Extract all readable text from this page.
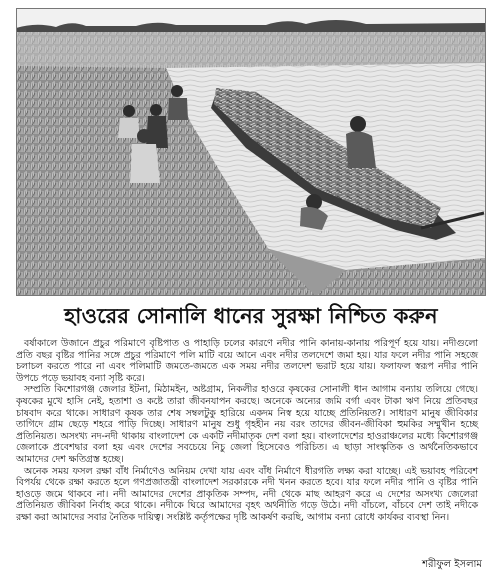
হাওরের সোনালি ধানের সুরক্ষা নিশ্চিত করুন

বর্ষাকালে উজানে প্রচুর পরিমাণে বৃষ্টিপাত ও পাহাড়ি ঢলের কারণে নদীর পানি কানায়-কানায় পরিপূর্ণ হয়ে যায়। নদীগুলো প্রতি বছর বৃষ্টির পানির সঙ্গে প্রচুর পরিমাণে পলি মাটি বয়ে আনে এবং নদীর তলদেশে জমা হয়। যার ফলে নদীর পানি সহজে চলাচল করতে পারে না এবং পলিমাটি জমতে-জমতে এক সময় নদীর তলদেশ ভরাট হয়ে যায়। ফলাফল স্বরূপ নদীর পানি উপচে পড়ে ভয়াবহ বন্যা সৃষ্টি করে।

সম্প্রতি কিশোরগঞ্জ জেলার ইটনা, মিঠামইন, অষ্টগ্রাম, নিকলীর হাওরে কৃষকের সোনালী ধান আগাম বন্যায় তলিয়ে গেছে। কৃষকের মুখে হাসি নেই, হতাশা ও কষ্টে তারা জীবনযাপন করছে। অনেকে অন্যের জমি বর্গা এবং টাকা ঋণ নিয়ে প্রতিবছর চাষবাদ করে থাকে। সাধারণ কৃষক তার শেষ সম্বলটুকু হারিয়ে একদম নিস্ব হয়ে যাচ্ছে প্রতিনিয়ত?। সাধারণ মানুষ জীবিকার তাগিদে গ্রাম ছেড়ে শহরে পাড়ি দিচ্ছে। সাধারণ মানুষ শুধু গৃহহীন নয় বরং তাদের জীবন-জীবিকা হুমকির সম্মুখীন হচ্ছে প্রতিনিয়ত। অসংখ্য নদ-নদী থাকায় বাংলাদেশ কে একটি নদীমাতৃক দেশ বলা হয়। বাংলাদেশের হাওরাঞ্চলের মধ্যে কিশোরগঞ্জ জেলাকে প্রবেশদ্বার বলা হয় এবং দেশের সবচেয়ে নিচু জেলা হিসেবেও পরিচিত। এ ছাড়া সাংস্কৃতিক ও অর্থনৈতিকভাবে আমাদের দেশ ক্ষতিগ্রস্ত হচ্ছে।

অনেক সময় ফসল রক্ষা বাঁধ নির্মাণেও অনিয়ম দেখা যায় এবং বাঁধ নির্মাণে ধীরগতি লক্ষ্য করা যাচ্ছে। এই ভয়াবহ পরিবেশ বিপর্যয় থেকে রক্ষা করতে হলে গণপ্রজাতন্ত্রী বাংলাদেশ সরকারকে নদী খনন করতে হবে। যার ফলে নদীর পানি ও বৃষ্টির পানি হাওড়ে জমে থাকবে না। নদী আমাদের দেশের প্রাকৃতিক সম্পদ, নদী থেকে মাছ আহরণ করে এ দেশের অসংখ্য জেলেরা প্রতিনিয়ত জীবিকা নির্বাহ করে থাকে। নদীকে ঘিরে আমাদের বৃহৎ অর্থনীতি গড়ে উঠে। নদী বাঁচলে, বাঁচবে দেশ তাই নদীকে রক্ষা করা আমাদের সবার নৈতিক দায়িত্ব। সংশ্লিষ্ট কর্তৃপক্ষের দৃষ্টি আকর্ষণ করছি, আগাম বন্যা রোধে কার্যকর ব্যবস্থা নিন।

শরীফুল ইসলাম
